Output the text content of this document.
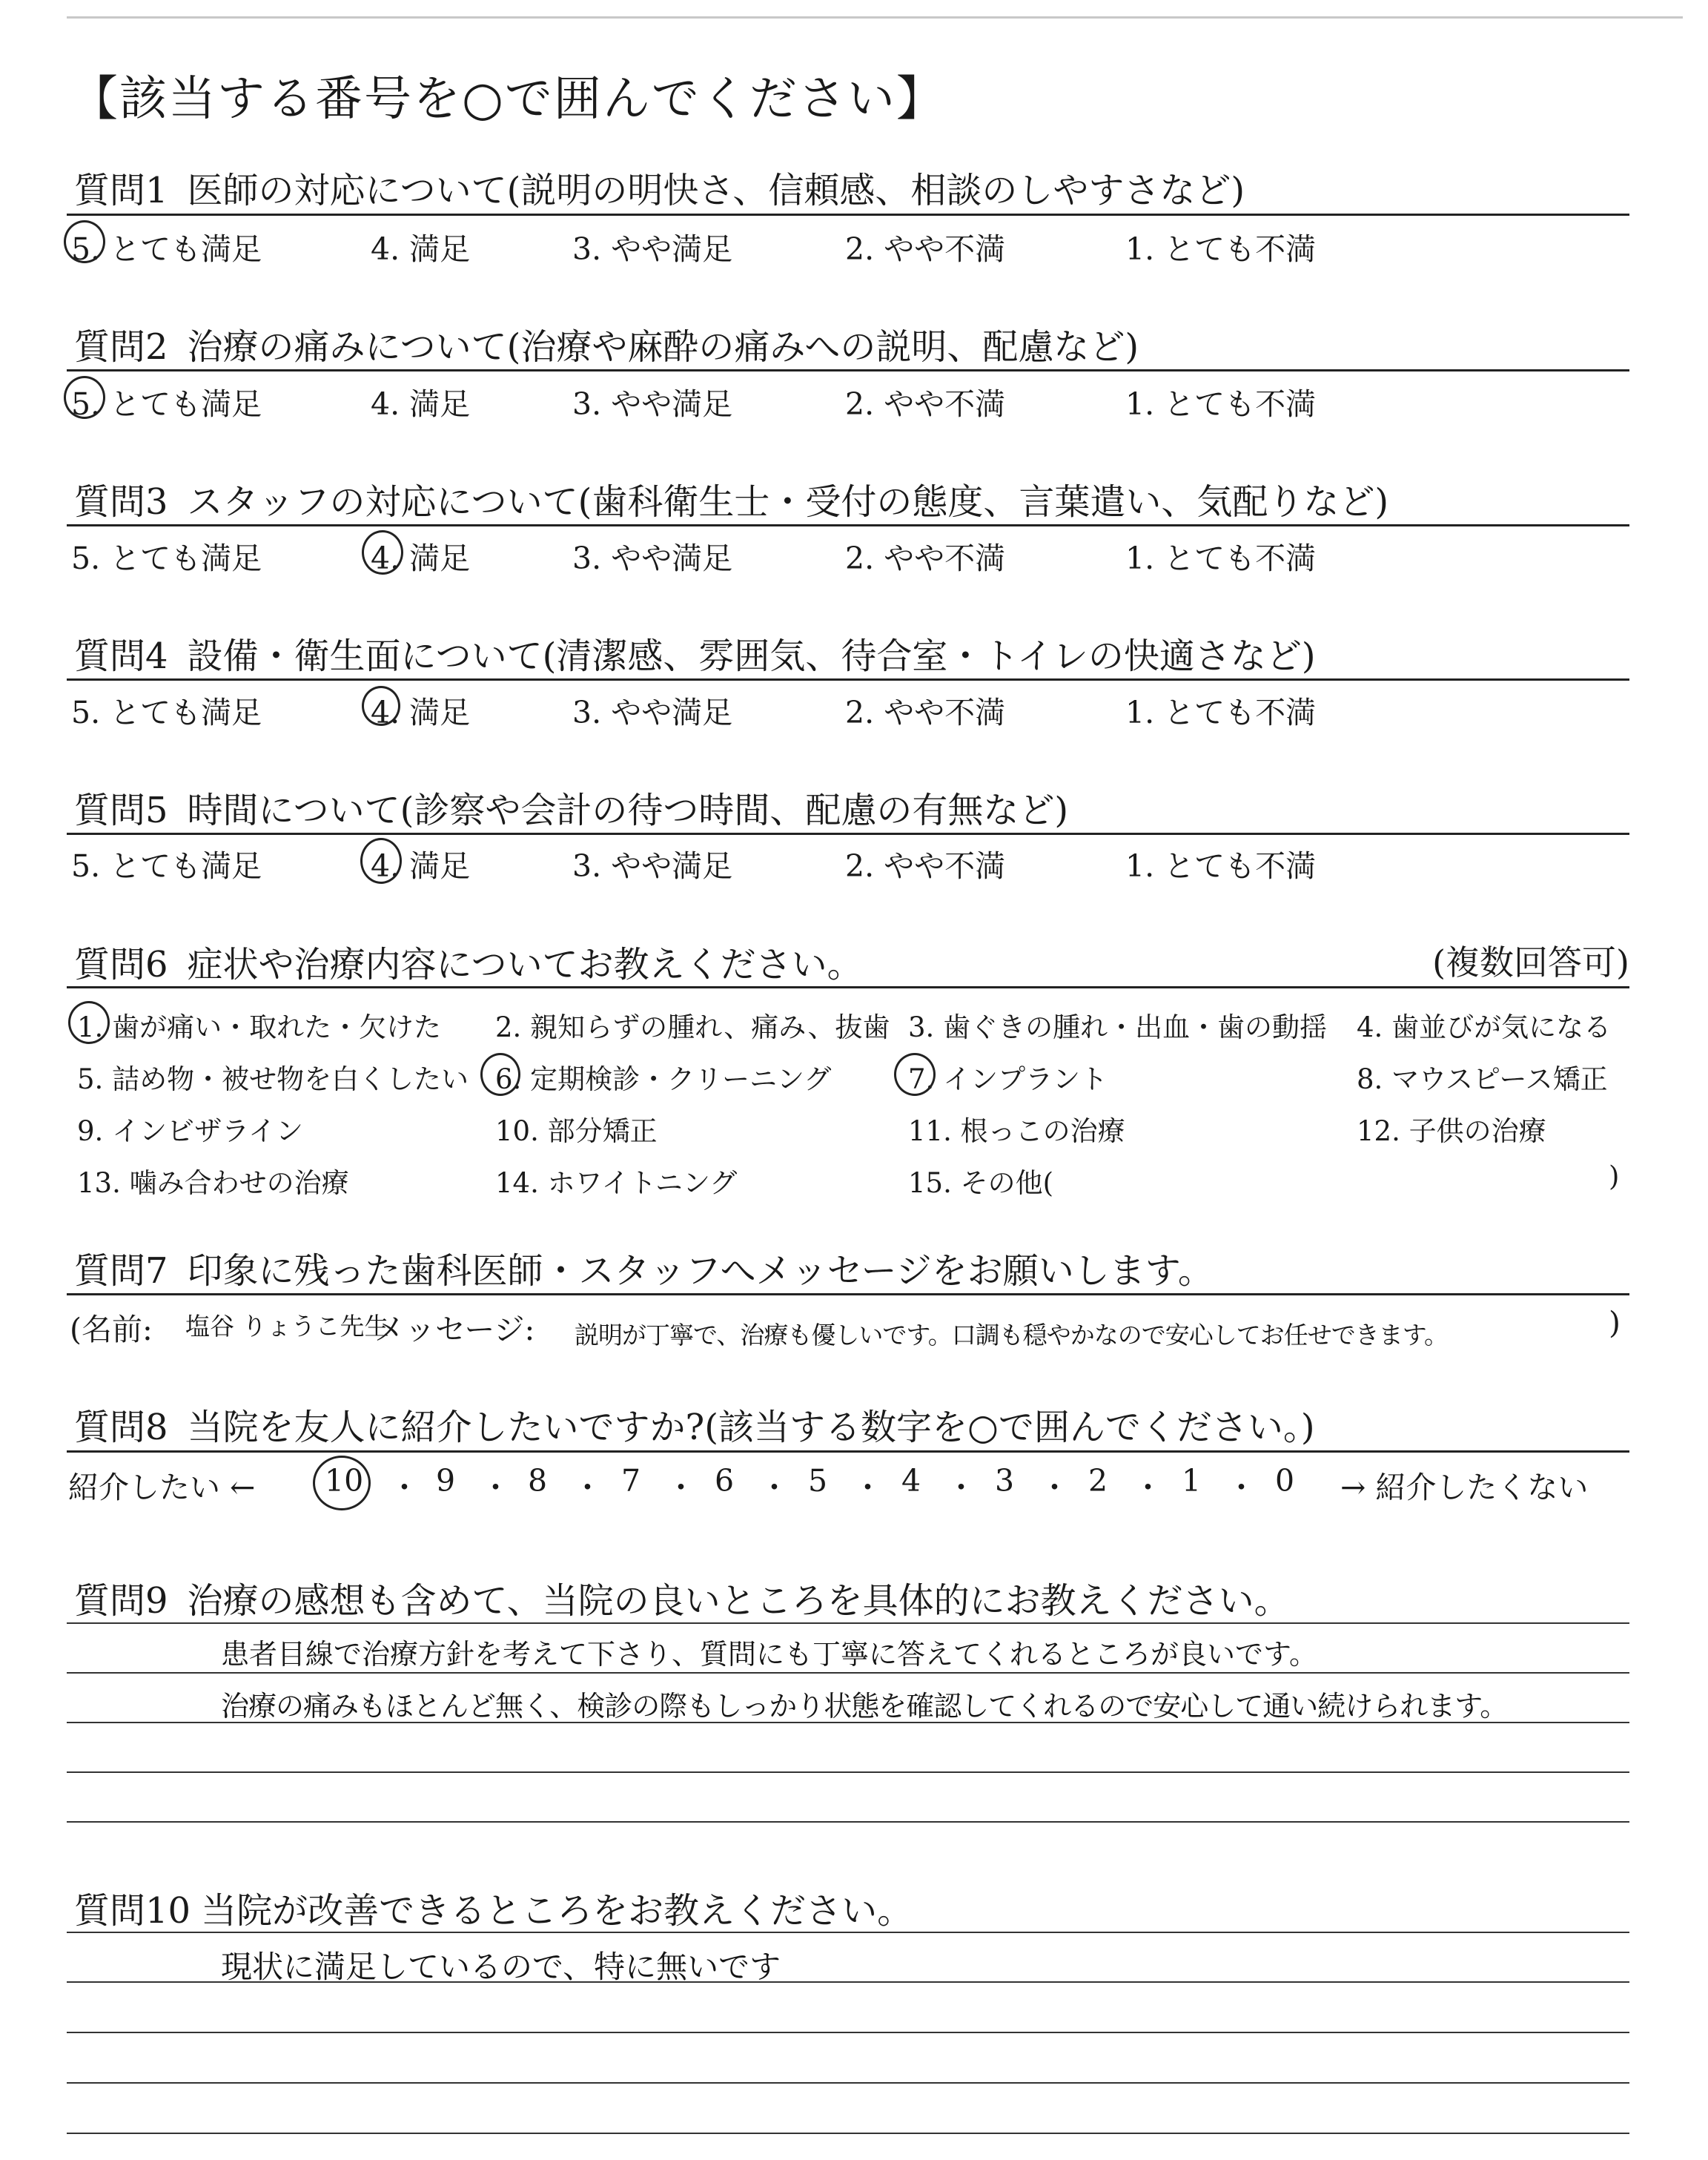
【該当する番号を○で囲んでください】
質問1 医師の対応について(説明の明快さ、信頼感、相談のしやすさなど)
5. とても満足	4. 満足	3. やや満足	2. やや不満	1. とても不満
質問2 治療の痛みについて(治療や麻酔の痛みへの説明、配慮など)
5. とても満足	4. 満足	3. やや満足	2. やや不満	1. とても不満
質問3 スタッフの対応について(歯科衛生士・受付の態度、言葉遣い、気配りなど)
5. とても満足	4. 満足	3. やや満足	2. やや不満	1. とても不満
質問4 設備・衛生面について(清潔感、雰囲気、待合室・トイレの快適さなど)
5. とても満足	4. 満足	3. やや満足	2. やや不満	1. とても不満
質問5 時間について(診察や会計の待つ時間、配慮の有無など)
5. とても満足	4. 満足	3. やや満足	2. やや不満	1. とても不満
質問6 症状や治療内容についてお教えください。	(複数回答可)
1. 歯が痛い・取れた・欠けた 2. 親知らずの腫れ、痛み、抜歯 3. 歯ぐきの腫れ・出血・歯の動揺 4. 歯並びが気になる
5. 詰め物・被せ物を白くしたい 6. 定期検診・クリーニング	7. インプラント	8. マウスピース矯正
9. インビザライン	10. 部分矯正	11. 根っこの治療	12. 子供の治療
13. 噛み合わせの治療	14. ホワイトニング	15. その他(	)
質問7 印象に残った歯科医師・スタッフへメッセージをお願いします。
(名前: 塩谷 りょうこ先生
メッセージ: 説明が丁寧で、治療も優しいです。口調も穏やかなので安心してお任せできます。	)
質問8 当院を友人に紹介したいですか?(該当する数字を○で囲んでください。)
紹介したい ← 10 ・ 9 ・ 8 ・ 7 ・ 6 ・ 5 ・ 4 ・ 3 ・ 2 ・ 1 ・ 0 → 紹介したくない
質問9 治療の感想も含めて、当院の良いところを具体的にお教えください。
患者目線で治療方針を考えて下さり、質問にも丁寧に答えてくれるところが良いです。
治療の痛みもほとんど無く、検診の際もしっかり状態を確認してくれるので安心して通い続けられます。
質問10 当院が改善できるところをお教えください。
現状に満足しているので、特に無いです
